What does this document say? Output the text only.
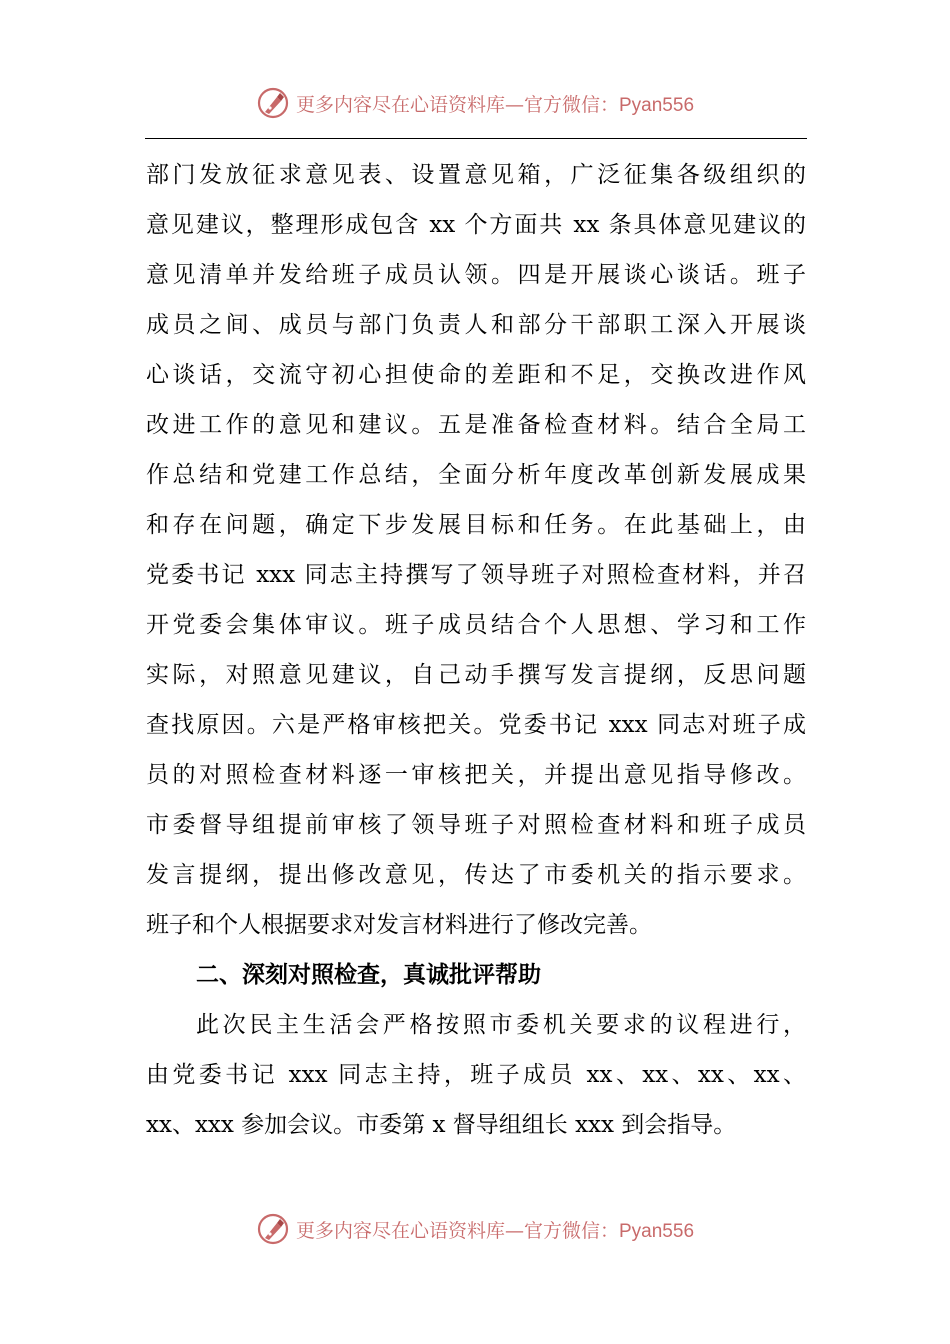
更多内容尽在心语资料库—官方微信：Pyan556
部门发放征求意见表、设置意见箱，广泛征集各级组织的
意见建议，整理形成包含 xx 个方面共 xx 条具体意见建议的
意见清单并发给班子成员认领。四是开展谈心谈话。班子
成员之间、成员与部门负责人和部分干部职工深入开展谈
心谈话，交流守初心担使命的差距和不足，交换改进作风
改进工作的意见和建议。五是准备检查材料。结合全局工
作总结和党建工作总结，全面分析年度改革创新发展成果
和存在问题，确定下步发展目标和任务。在此基础上，由
党委书记 xxx 同志主持撰写了领导班子对照检查材料，并召
开党委会集体审议。班子成员结合个人思想、学习和工作
实际，对照意见建议，自己动手撰写发言提纲，反思问题
查找原因。六是严格审核把关。党委书记 xxx 同志对班子成
员的对照检查材料逐一审核把关，并提出意见指导修改。
市委督导组提前审核了领导班子对照检查材料和班子成员
发言提纲，提出修改意见，传达了市委机关的指示要求。
班子和个人根据要求对发言材料进行了修改完善。
二、深刻对照检查，真诚批评帮助
此次民主生活会严格按照市委机关要求的议程进行，
由党委书记 xxx 同志主持，班子成员 xx、xx、xx、xx、
xx、xxx 参加会议。市委第 x 督导组组长 xxx 到会指导。
更多内容尽在心语资料库—官方微信：Pyan556
